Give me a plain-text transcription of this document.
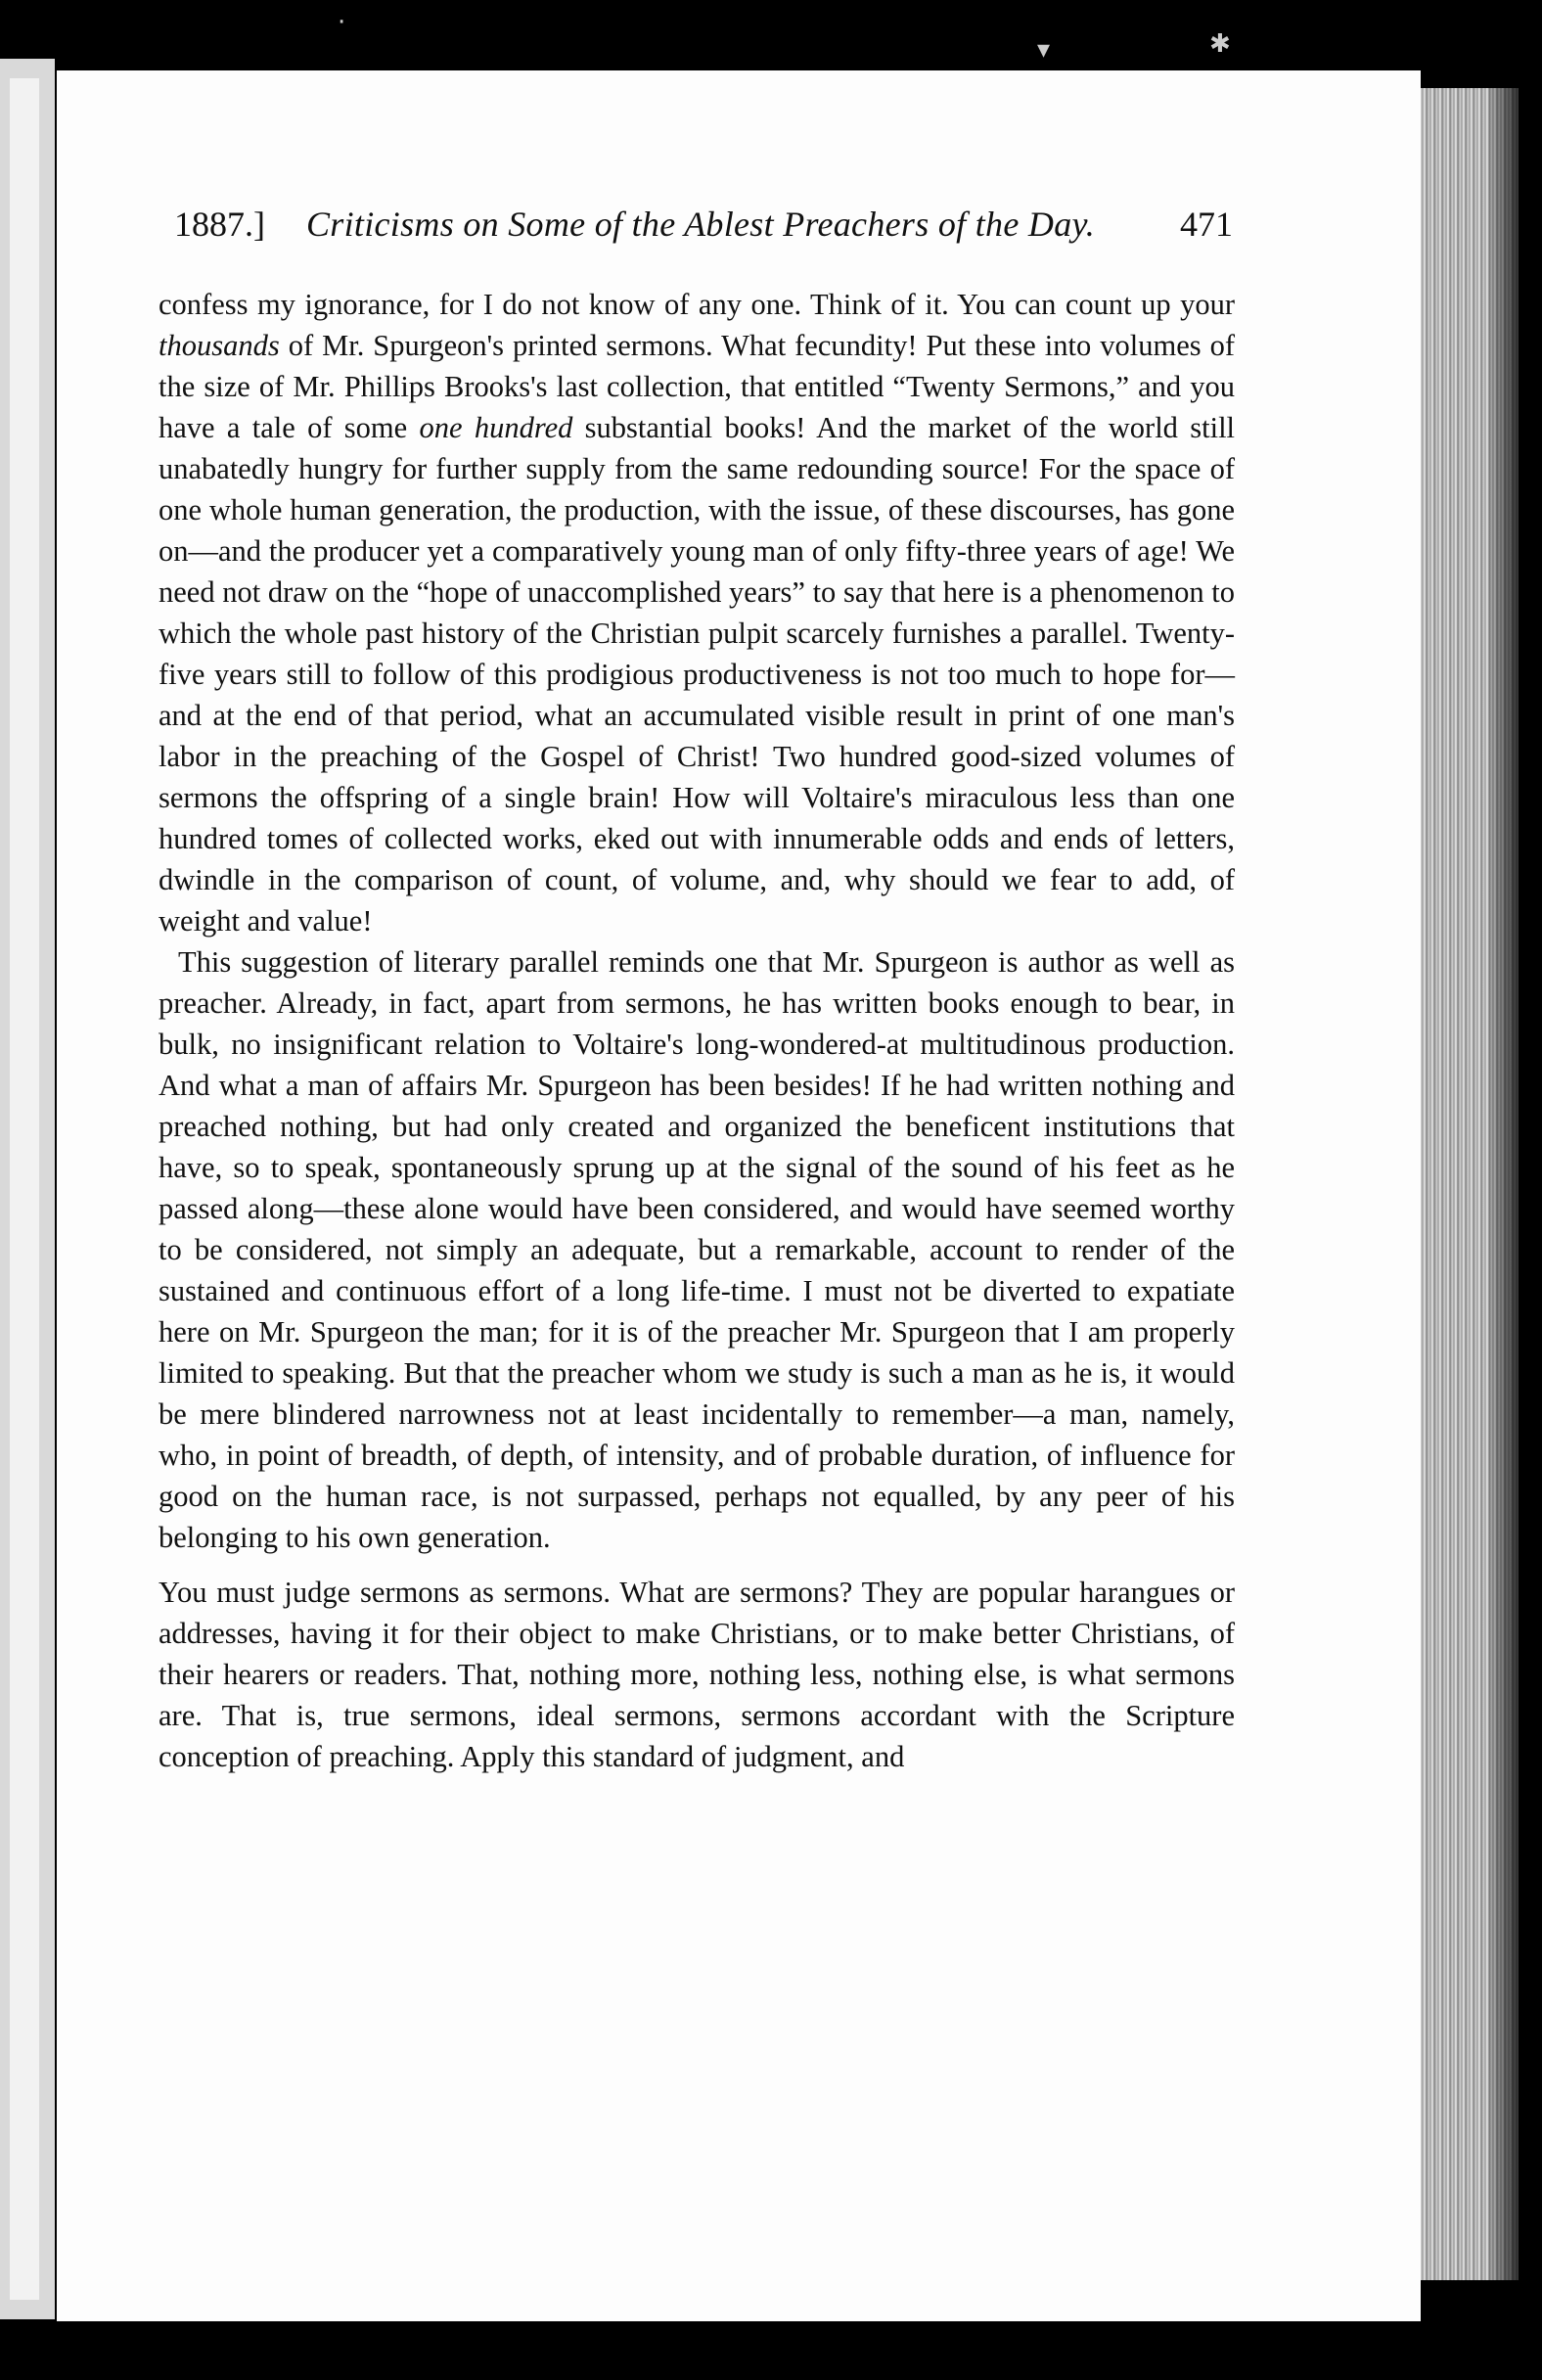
·
▾	✱
1887.] Criticisms on Some of the Ablest Preachers of the Day. 471

confess my ignorance, for I do not know of any one. Think of it. You can count up your thousands of Mr. Spurgeon's printed sermons. What fecundity! Put these into volumes of the size of Mr. Phillips Brooks's last collection, that entitled “Twenty Sermons,” and you have a tale of some one hundred substantial books! And the market of the world still unabatedly hungry for further supply from the same redounding source! For the space of one whole human generation, the production, with the issue, of these discourses, has gone on—and the producer yet a comparatively young man of only fifty-three years of age! We need not draw on the “hope of unaccomplished years” to say that here is a phenomenon to which the whole past history of the Christian pulpit scarcely furnishes a parallel. Twenty-five years still to follow of this prodigious productiveness is not too much to hope for—and at the end of that period, what an accumulated visible result in print of one man's labor in the preaching of the Gospel of Christ! Two hundred good-sized volumes of sermons the offspring of a single brain! How will Voltaire's miraculous less than one hundred tomes of collected works, eked out with innumerable odds and ends of letters, dwindle in the comparison of count, of volume, and, why should we fear to add, of weight and value!

This suggestion of literary parallel reminds one that Mr. Spurgeon is author as well as preacher. Already, in fact, apart from sermons, he has written books enough to bear, in bulk, no insignificant relation to Voltaire's long-wondered-at multitudinous production. And what a man of affairs Mr. Spurgeon has been besides! If he had written nothing and preached nothing, but had only created and organized the beneficent institutions that have, so to speak, spontaneously sprung up at the signal of the sound of his feet as he passed along—these alone would have been considered, and would have seemed worthy to be considered, not simply an adequate, but a remarkable, account to render of the sustained and continuous effort of a long life-time. I must not be diverted to expatiate here on Mr. Spurgeon the man; for it is of the preacher Mr. Spurgeon that I am properly limited to speaking. But that the preacher whom we study is such a man as he is, it would be mere blindered narrowness not at least incidentally to remember—a man, namely, who, in point of breadth, of depth, of intensity, and of probable duration, of influence for good on the human race, is not surpassed, perhaps not equalled, by any peer of his belonging to his own generation.

You must judge sermons as sermons. What are sermons? They are popular harangues or addresses, having it for their object to make Christians, or to make better Christians, of their hearers or readers. That, nothing more, nothing less, nothing else, is what sermons are. That is, true sermons, ideal sermons, sermons accordant with the Scripture conception of preaching. Apply this standard of judgment, and
